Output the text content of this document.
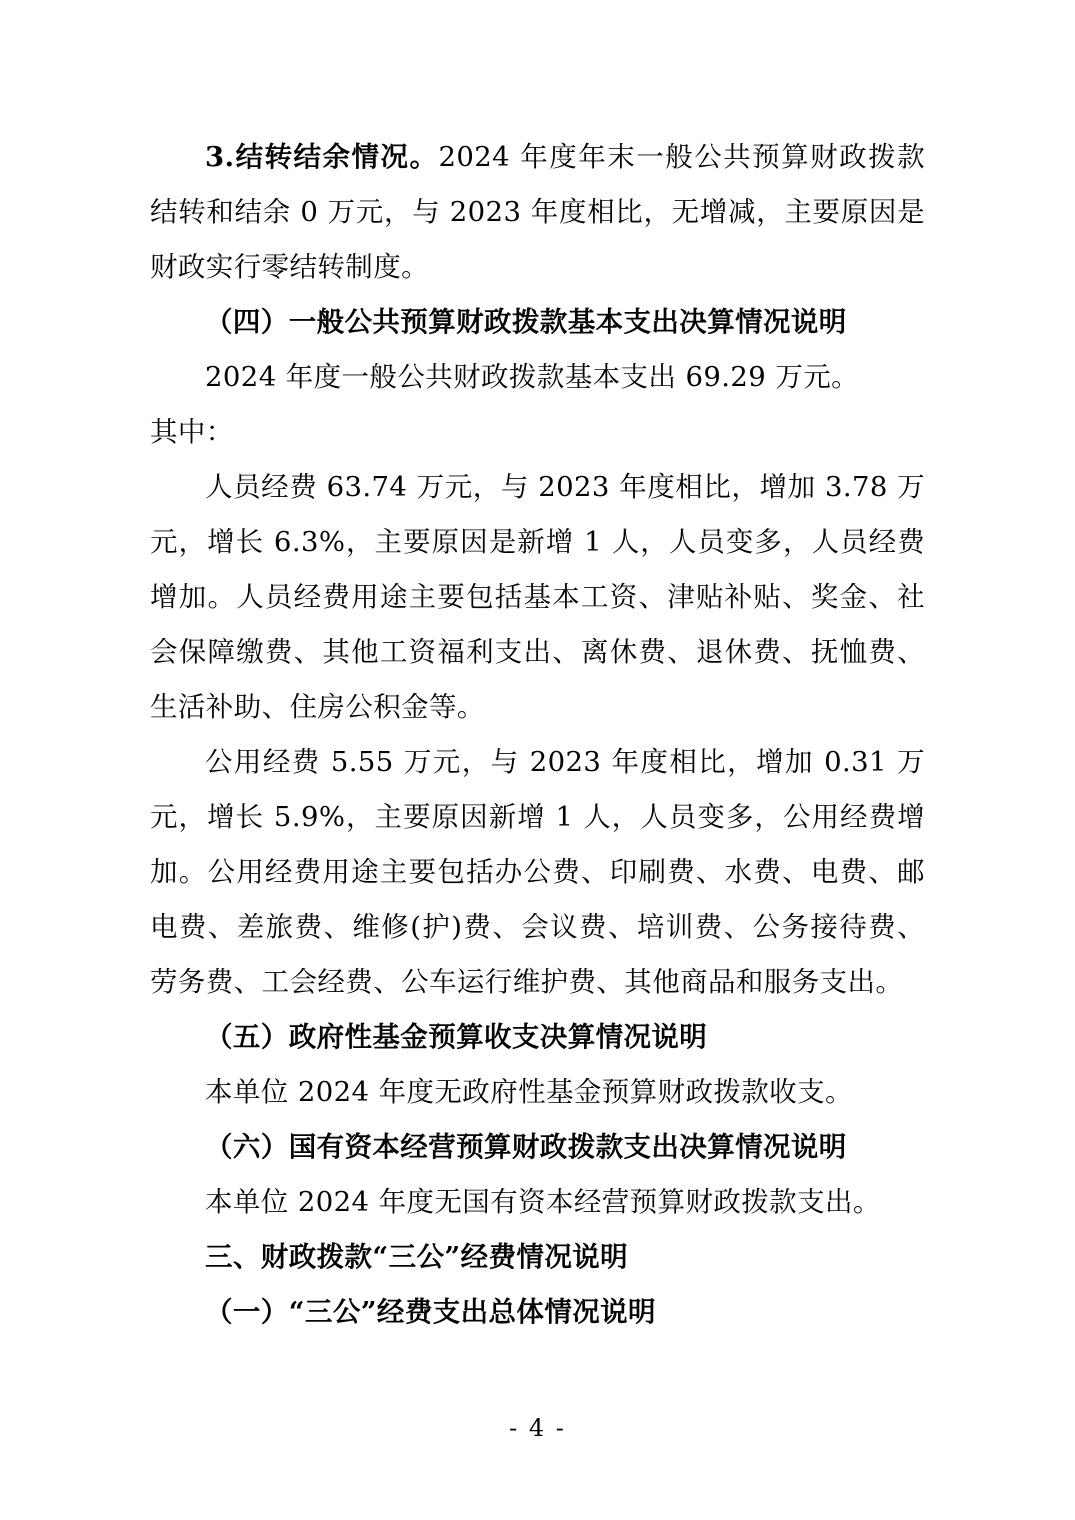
3.结转结余情况。2024 年度年末一般公共预算财政拨款结转和结余 0 万元，与 2023 年度相比，无增减，主要原因是财政实行零结转制度。

（四）一般公共预算财政拨款基本支出决算情况说明

2024 年度一般公共财政拨款基本支出 69.29 万元。

其中：

人员经费 63.74 万元，与 2023 年度相比，增加 3.78 万元，增长 6.3%，主要原因是新增 1 人，人员变多，人员经费增加。人员经费用途主要包括基本工资、津贴补贴、奖金、社会保障缴费、其他工资福利支出、离休费、退休费、抚恤费、生活补助、住房公积金等。

公用经费 5.55 万元，与 2023 年度相比，增加 0.31 万元，增长 5.9%，主要原因新增 1 人，人员变多，公用经费增加。公用经费用途主要包括办公费、印刷费、水费、电费、邮电费、差旅费、维修(护)费、会议费、培训费、公务接待费、劳务费、工会经费、公车运行维护费、其他商品和服务支出。

（五）政府性基金预算收支决算情况说明

本单位 2024 年度无政府性基金预算财政拨款收支。

（六）国有资本经营预算财政拨款支出决算情况说明

本单位 2024 年度无国有资本经营预算财政拨款支出。

三、财政拨款“三公”经费情况说明

（一）“三公”经费支出总体情况说明

- 4 -
